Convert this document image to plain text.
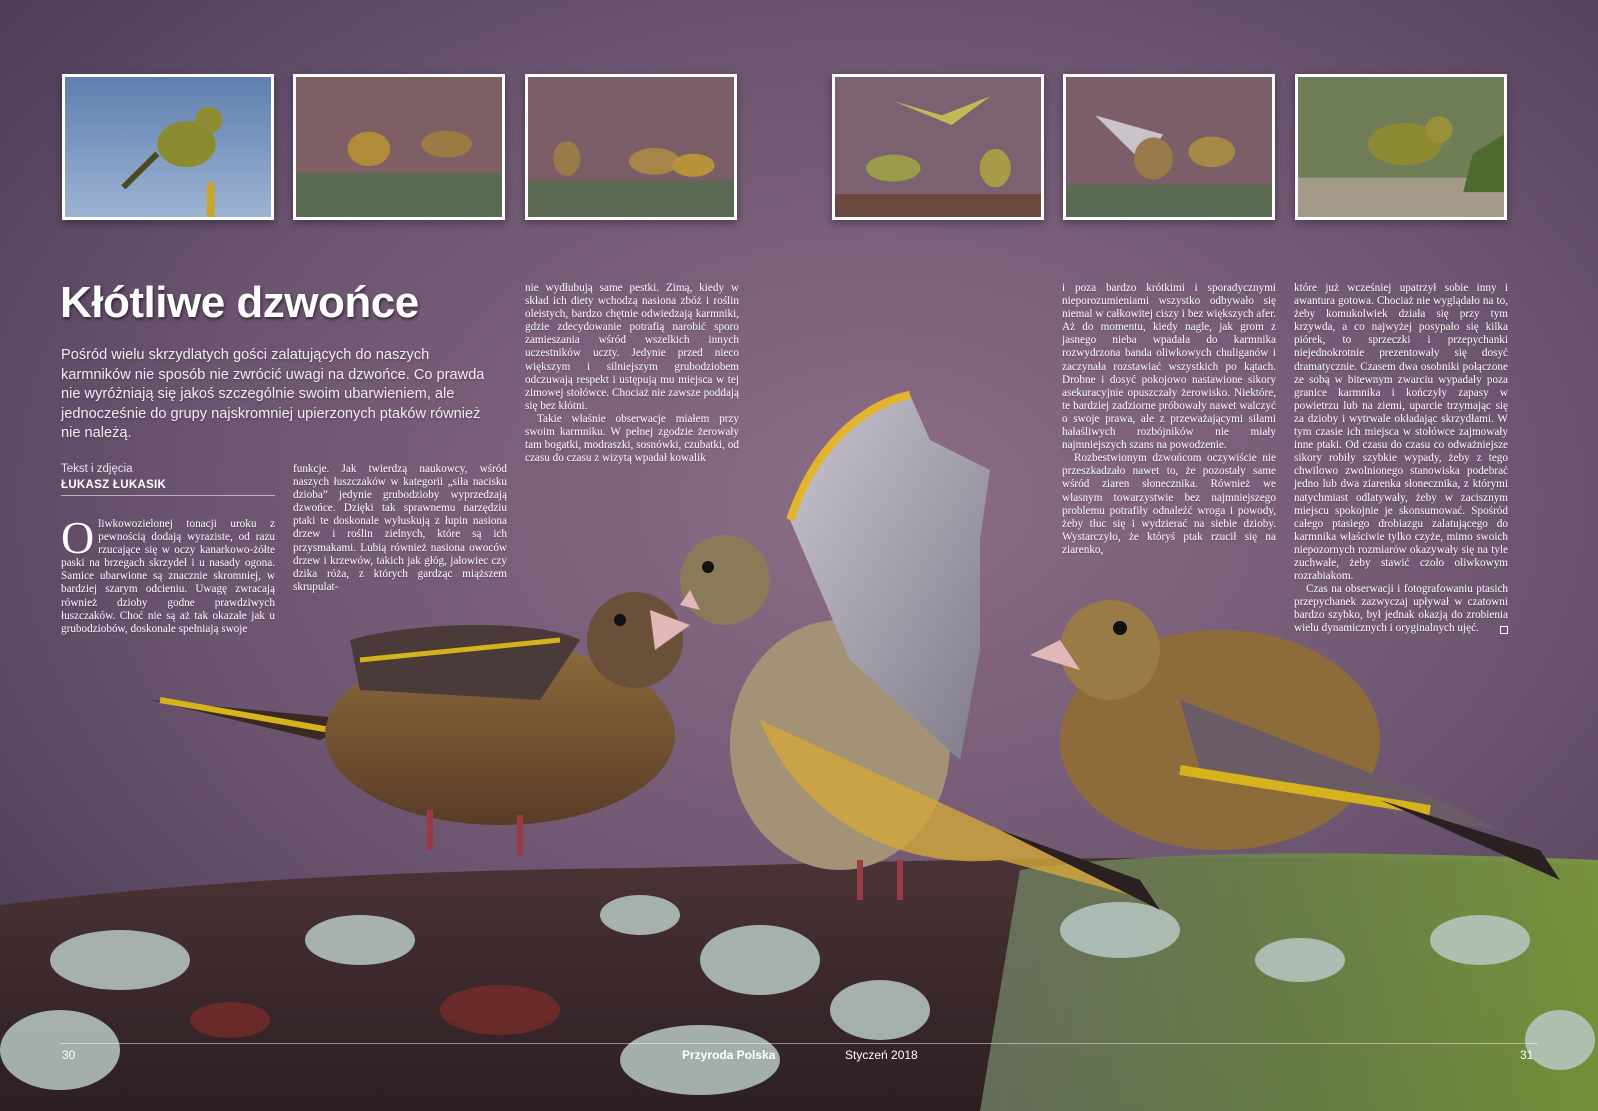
Kłótliwe dzwońce

Pośród wielu skrzydlatych gości zalatujących do naszych karmników nie sposób nie zwrócić uwagi na dzwońce. Co prawda nie wyróżniają się jakoś szczególnie swoim ubarwieniem, ale jednocześnie do grupy najskromniej upierzonych ptaków również nie należą.

Tekst i zdjęcia
ŁUKASZ ŁUKASIK

Oliwkowozielonej tonacji uroku z pewnością dodają wyraziste, od razu rzucające się w oczy kanarkowo-żółte paski na brzegach skrzydeł i u nasady ogona. Samice ubarwione są znacznie skromniej, w bardziej szarym odcieniu. Uwagę zwracają również dzioby godne prawdziwych łuszczaków. Choć nie są aż tak okazałe jak u grubodziobów, doskonale spełniają swoje

funkcje. Jak twierdzą naukowcy, wśród naszych łuszczaków w kategorii „siła nacisku dzioba” jedynie grubodzioby wyprzedzają dzwońce. Dzięki tak sprawnemu narzędziu ptaki te doskonale wyłuskują z łupin nasiona drzew i roślin zielnych, które są ich przysmakami. Lubią również nasiona owoców drzew i krzewów, takich jak głóg, jałowiec czy dzika róża, z których gardząc miąższem skrupulat-

nie wydłubują same pestki. Zimą, kiedy w skład ich diety wchodzą nasiona zbóż i roślin oleistych, bardzo chętnie odwiedzają karmniki, gdzie zdecydowanie potrafią narobić sporo zamieszania wśród wszelkich innych uczestników uczty. Jedynie przed nieco większym i silniejszym grubodziobem odczuwają respekt i ustępują mu miejsca w tej zimowej stołówce. Chociaż nie zawsze poddają się bez kłótni.

Takie właśnie obserwacje miałem przy swoim karmniku. W pełnej zgodzie żerowały tam bogatki, modraszki, sosnówki, czubatki, od czasu do czasu z wizytą wpadał kowalik

i poza bardzo krótkimi i sporadycznymi nieporozumieniami wszystko odbywało się niemal w całkowitej ciszy i bez większych afer. Aż do momentu, kiedy nagle, jak grom z jasnego nieba wpadała do karmnika rozwydrzona banda oliwkowych chuliganów i zaczynała rozstawiać wszystkich po kątach. Drobne i dosyć pokojowo nastawione sikory asekuracyjnie opuszczały żerowisko. Niektóre, te bardziej zadziorne próbowały nawet walczyć o swoje prawa, ale z przeważającymi siłami hałaśliwych rozbójników nie miały najmniejszych szans na powodzenie.

Rozbestwionym dzwońcom oczywiście nie przeszkadzało nawet to, że pozostały same wśród ziaren słonecznika. Również we własnym towarzystwie bez najmniejszego problemu potrafiły odnaleźć wroga i powody, żeby tłuc się i wydzierać na siebie dzioby. Wystarczyło, że któryś ptak rzucił się na ziarenko,

które już wcześniej upatrzył sobie inny i awantura gotowa. Chociaż nie wyglądało na to, żeby komukolwiek działa się przy tym krzywda, a co najwyżej posypało się kilka piórek, to sprzeczki i przepychanki niejednokrotnie prezentowały się dosyć dramatycznie. Czasem dwa osobniki połączone ze sobą w bitewnym zwarciu wypadały poza granice karmnika i kończyły zapasy w powietrzu lub na ziemi, uparcie trzymając się za dzioby i wytrwale okładając skrzydłami. W tym czasie ich miejsca w stołówce zajmowały inne ptaki. Od czasu do czasu co odważniejsze sikory robiły szybkie wypady, żeby z tego chwilowo zwolnionego stanowiska podebrać jedno lub dwa ziarenka słonecznika, z którymi natychmiast odlatywały, żeby w zacisznym miejscu spokojnie je skonsumować. Spośród całego ptasiego drobiazgu zalatującego do karmnika właściwie tylko czyże, mimo swoich niepozornych rozmiarów okazywały się na tyle zuchwałe, żeby stawić czoło oliwkowym rozrabiakom.

Czas na obserwacji i fotografowaniu ptasich przepychanek zazwyczaj upływał w czatowni bardzo szybko, był jednak okazją do zrobienia wielu dynamicznych i oryginalnych ujęć.

30	Przyroda Polska	Styczeń 2018	31
